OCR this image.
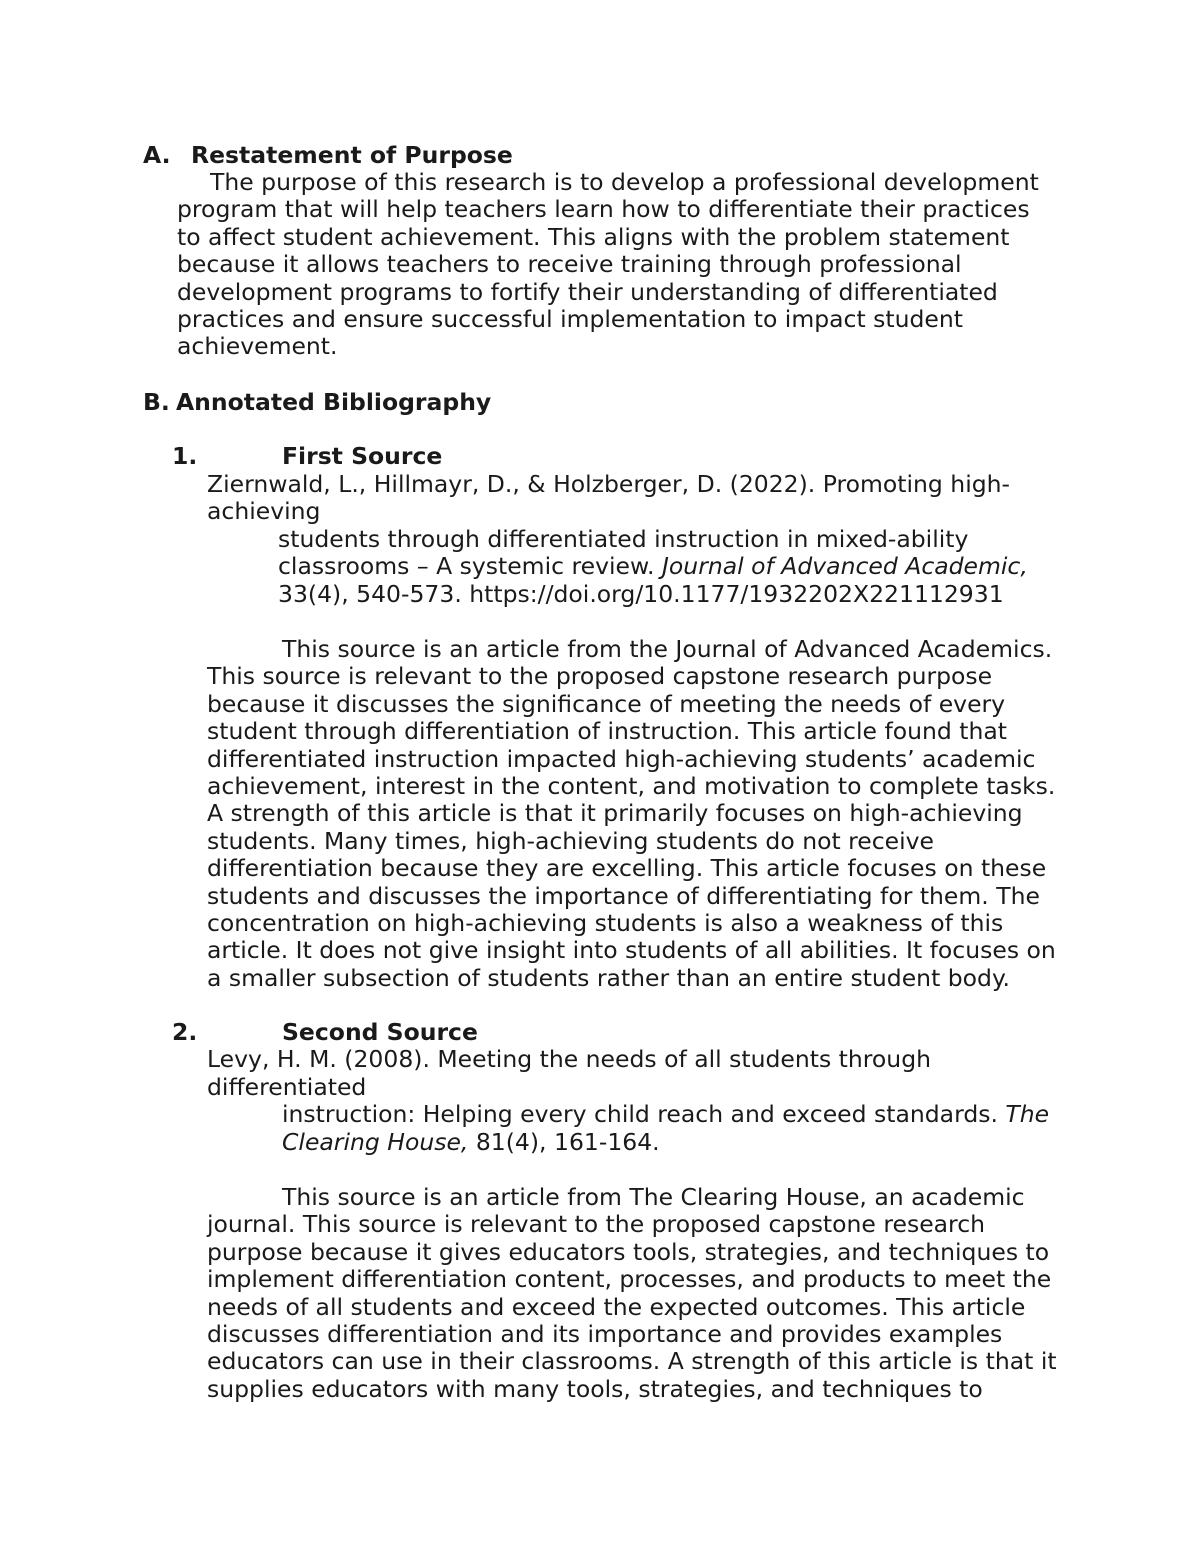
A. Restatement of Purpose
The purpose of this research is to develop a professional development program that will help teachers learn how to differentiate their practices to affect student achievement. This aligns with the problem statement because it allows teachers to receive training through professional development programs to fortify their understanding of differentiated practices and ensure successful implementation to impact student achievement.
B. Annotated Bibliography
1.	First Source
Ziernwald, L., Hillmayr, D., & Holzberger, D. (2022). Promoting high-
achieving
students through differentiated instruction in mixed-ability
classrooms – A systemic review. Journal of Advanced Academic,
33(4), 540-573. https://doi.org/10.1177/1932202X221112931
This source is an article from the Journal of Advanced Academics. This source is relevant to the proposed capstone research purpose because it discusses the significance of meeting the needs of every student through differentiation of instruction. This article found that differentiated instruction impacted high-achieving students’ academic achievement, interest in the content, and motivation to complete tasks. A strength of this article is that it primarily focuses on high-achieving students. Many times, high-achieving students do not receive differentiation because they are excelling. This article focuses on these students and discusses the importance of differentiating for them. The concentration on high-achieving students is also a weakness of this article. It does not give insight into students of all abilities. It focuses on a smaller subsection of students rather than an entire student body.
2.	Second Source
Levy, H. M. (2008). Meeting the needs of all students through
differentiated
instruction: Helping every child reach and exceed standards. The
Clearing House, 81(4), 161-164.
This source is an article from The Clearing House, an academic journal. This source is relevant to the proposed capstone research purpose because it gives educators tools, strategies, and techniques to implement differentiation content, processes, and products to meet the needs of all students and exceed the expected outcomes. This article discusses differentiation and its importance and provides examples educators can use in their classrooms. A strength of this article is that it supplies educators with many tools, strategies, and techniques to
